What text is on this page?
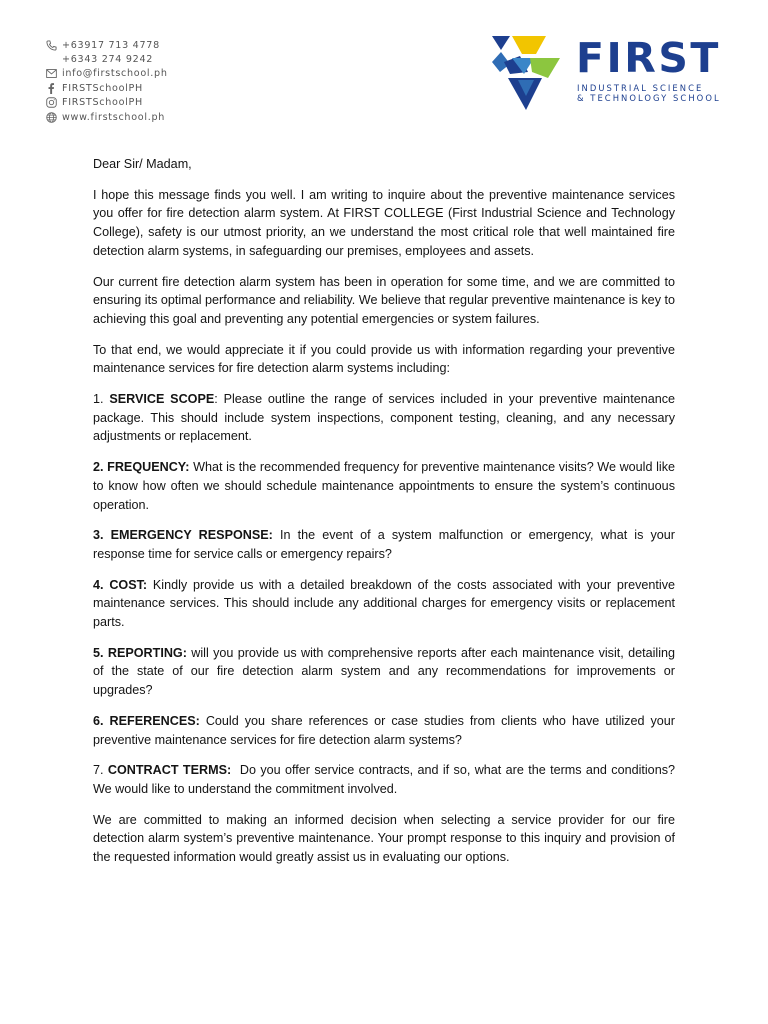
+63917 713 4778
+6343 274 9242
info@firstschool.ph
FIRSTSchoolPH
FIRSTSchoolPH
www.firstschool.ph
FIRST
INDUSTRIAL SCIENCE
& TECHNOLOGY SCHOOL

Dear Sir/ Madam,

I hope this message finds you well. I am writing to inquire about the preventive maintenance services you offer for fire detection alarm system. At FIRST COLLEGE (First Industrial Science and Technology College), safety is our utmost priority, an we understand the most critical role that well maintained fire detection alarm systems, in safeguarding our premises, employees and assets.

Our current fire detection alarm system has been in operation for some time, and we are committed to ensuring its optimal performance and reliability. We believe that regular preventive maintenance is key to achieving this goal and preventing any potential emergencies or system failures.

To that end, we would appreciate it if you could provide us with information regarding your preventive maintenance services for fire detection alarm systems including:

1. SERVICE SCOPE: Please outline the range of services included in your preventive maintenance package. This should include system inspections, component testing, cleaning, and any necessary adjustments or replacement.

2. FREQUENCY: What is the recommended frequency for preventive maintenance visits? We would like to know how often we should schedule maintenance appointments to ensure the system’s continuous operation.

3. EMERGENCY RESPONSE: In the event of a system malfunction or emergency, what is your response time for service calls or emergency repairs?

4. COST: Kindly provide us with a detailed breakdown of the costs associated with your preventive maintenance services. This should include any additional charges for emergency visits or replacement parts.

5. REPORTING: will you provide us with comprehensive reports after each maintenance visit, detailing of the state of our fire detection alarm system and any recommendations for improvements or upgrades?

6. REFERENCES: Could you share references or case studies from clients who have utilized your preventive maintenance services for fire detection alarm systems?

7. CONTRACT TERMS:  Do you offer service contracts, and if so, what are the terms and conditions? We would like to understand the commitment involved.

We are committed to making an informed decision when selecting a service provider for our fire detection alarm system’s preventive maintenance. Your prompt response to this inquiry and provision of the requested information would greatly assist us in evaluating our options.
